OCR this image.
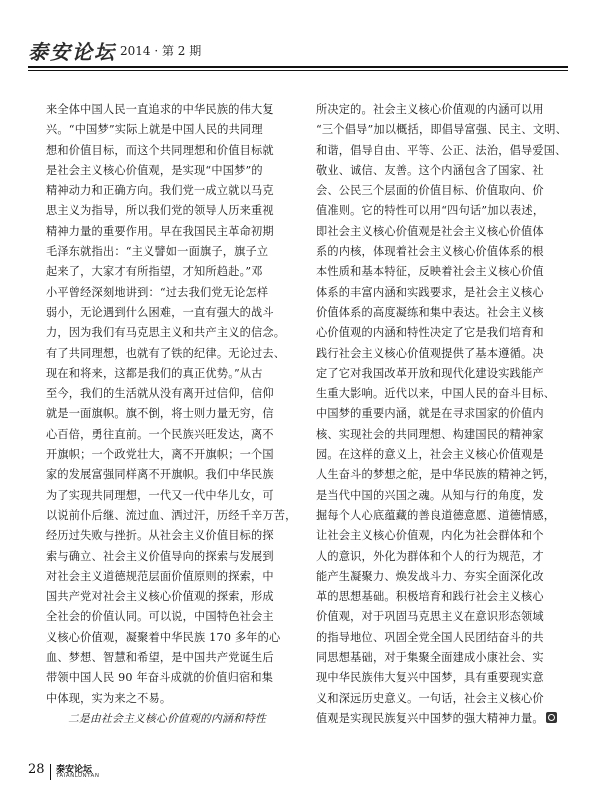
泰安论坛 2014 · 第 2 期
来全体中国人民一直追求的中华民族的伟大复
兴。“中国梦”实际上就是中国人民的共同理
想和价值目标，而这个共同理想和价值目标就
是社会主义核心价值观，是实现“中国梦”的
精神动力和正确方向。我们党一成立就以马克
思主义为指导，所以我们党的领导人历来重视
精神力量的重要作用。早在我国民主革命初期
毛泽东就指出：“主义譬如一面旗子，旗子立
起来了，大家才有所指望，才知所趋赴。”邓
小平曾经深刻地讲到：“过去我们党无论怎样
弱小，无论遇到什么困难，一直有强大的战斗
力，因为我们有马克思主义和共产主义的信念。
有了共同理想，也就有了铁的纪律。无论过去、
现在和将来，这都是我们的真正优势。”从古
至今，我们的生活就从没有离开过信仰，信仰
就是一面旗帜。旗不倒，将士则力量无穷，信
心百倍，勇往直前。一个民族兴旺发达，离不
开旗帜；一个政党壮大，离不开旗帜；一个国
家的发展富强同样离不开旗帜。我们中华民族
为了实现共同理想，一代又一代中华儿女，可
以说前仆后继、流过血、洒过汗，历经千辛万苦，
经历过失败与挫折。从社会主义价值目标的探
索与确立、社会主义价值导向的探索与发展到
对社会主义道德规范层面价值原则的探索，中
国共产党对社会主义核心价值观的探索，形成
全社会的价值认同。可以说，中国特色社会主
义核心价值观，凝聚着中华民族 170 多年的心
血、梦想、智慧和希望，是中国共产党诞生后
带领中国人民 90 年奋斗成就的价值归宿和集
中体现，实为来之不易。
二是由社会主义核心价值观的内涵和特性
所决定的。社会主义核心价值观的内涵可以用
“三个倡导”加以概括，即倡导富强、民主、文明、
和谐，倡导自由、平等、公正、法治，倡导爱国、
敬业、诚信、友善。这个内涵包含了国家、社
会、公民三个层面的价值目标、价值取向、价
值准则。它的特性可以用“四句话”加以表述，
即社会主义核心价值观是社会主义核心价值体
系的内核，体现着社会主义核心价值体系的根
本性质和基本特征，反映着社会主义核心价值
体系的丰富内涵和实践要求，是社会主义核心
价值体系的高度凝练和集中表达。社会主义核
心价值观的内涵和特性决定了它是我们培育和
践行社会主义核心价值观提供了基本遵循。决
定了它对我国改革开放和现代化建设实践能产
生重大影响。近代以来，中国人民的奋斗目标、
中国梦的重要内涵，就是在寻求国家的价值内
核、实现社会的共同理想、构建国民的精神家
园。在这样的意义上，社会主义核心价值观是
人生奋斗的梦想之舵，是中华民族的精神之钙，
是当代中国的兴国之魂。从知与行的角度，发
掘每个人心底蕴藏的善良道德意愿、道德情感，
让社会主义核心价值观，内化为社会群体和个
人的意识，外化为群体和个人的行为规范，才
能产生凝聚力、焕发战斗力、夯实全面深化改
革的思想基础。积极培育和践行社会主义核心
价值观，对于巩固马克思主义在意识形态领域
的指导地位、巩固全党全国人民团结奋斗的共
同思想基础，对于集聚全面建成小康社会、实
现中华民族伟大复兴中国梦，具有重要现实意
义和深远历史意义。一句话，社会主义核心价
值观是实现民族复兴中国梦的强大精神力量。
28 泰安论坛
TAIANLUNTAN
